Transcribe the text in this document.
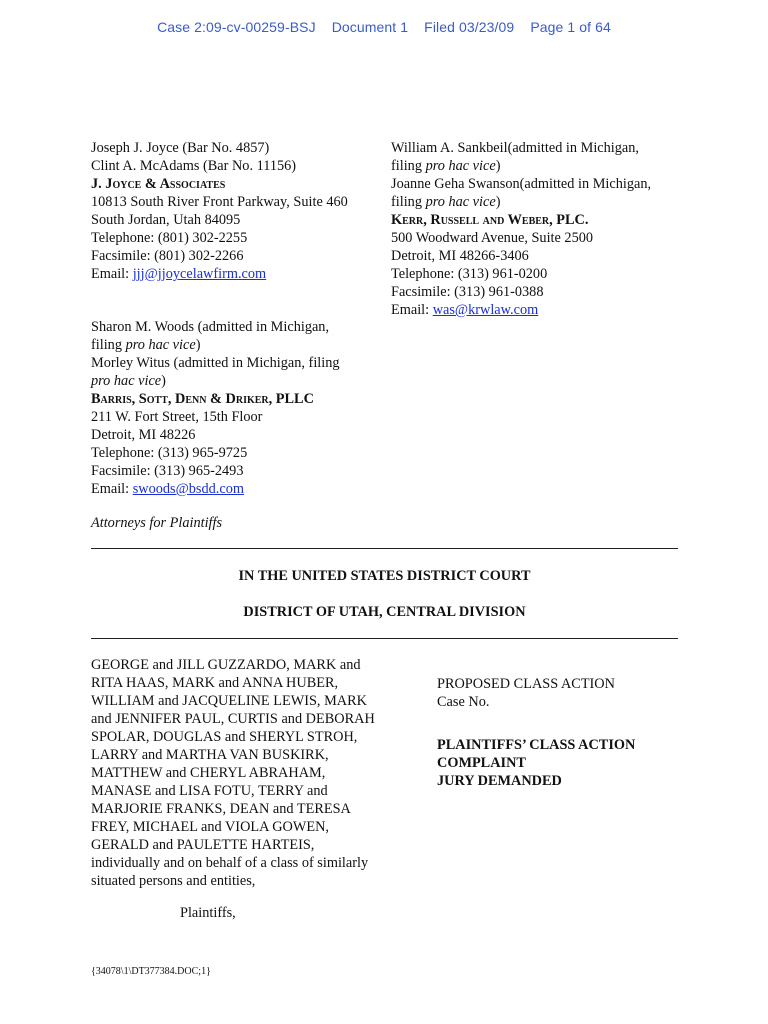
Case 2:09-cv-00259-BSJ Document 1 Filed 03/23/09 Page 1 of 64
Joseph J. Joyce (Bar No. 4857)
Clint A. McAdams (Bar No. 11156)
J. Joyce & Associates
10813 South River Front Parkway, Suite 460
South Jordan, Utah 84095
Telephone: (801) 302-2255
Facsimile: (801) 302-2266
Email: jjj@jjoycelawfirm.com
Sharon M. Woods (admitted in Michigan,
filing pro hac vice)
Morley Witus (admitted in Michigan, filing
pro hac vice)
Barris, Sott, Denn & Driker, PLLC
211 W. Fort Street, 15th Floor
Detroit, MI 48226
Telephone: (313) 965-9725
Facsimile: (313) 965-2493
Email: swoods@bsdd.com
William A. Sankbeil(admitted in Michigan,
filing pro hac vice)
Joanne Geha Swanson(admitted in Michigan,
filing pro hac vice)
Kerr, Russell and Weber, PLC.
500 Woodward Avenue, Suite 2500
Detroit, MI 48266-3406
Telephone: (313) 961-0200
Facsimile: (313) 961-0388
Email: was@krwlaw.com
Attorneys for Plaintiffs
IN THE UNITED STATES DISTRICT COURT
DISTRICT OF UTAH, CENTRAL DIVISION
GEORGE and JILL GUZZARDO, MARK and
RITA HAAS, MARK and ANNA HUBER,
WILLIAM and JACQUELINE LEWIS, MARK
and JENNIFER PAUL, CURTIS and DEBORAH
SPOLAR, DOUGLAS and SHERYL STROH,
LARRY and MARTHA VAN BUSKIRK,
MATTHEW and CHERYL ABRAHAM,
MANASE and LISA FOTU, TERRY and
MARJORIE FRANKS, DEAN and TERESA
FREY, MICHAEL and VIOLA GOWEN,
GERALD and PAULETTE HARTEIS,
individually and on behalf of a class of similarly
situated persons and entities,
Plaintiffs,
PROPOSED CLASS ACTION
Case No.
PLAINTIFFS’ CLASS ACTION
COMPLAINT
JURY DEMANDED
{34078\1\DT377384.DOC;1}
